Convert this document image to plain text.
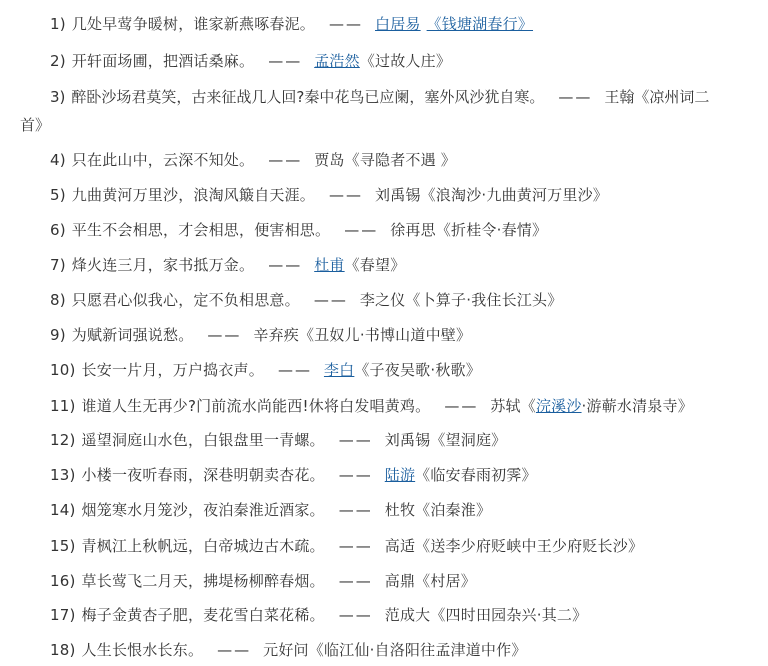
1) 几处早莺争暖树，谁家新燕啄春泥。 —— 白居易 《钱塘湖春行》
2) 开轩面场圃，把酒话桑麻。 —— 孟浩然《过故人庄》
3) 醉卧沙场君莫笑，古来征战几人回?秦中花鸟已应阑，塞外风沙犹自寒。 —— 王翰《凉州词二
首》
4) 只在此山中，云深不知处。 —— 贾岛《寻隐者不遇 》
5) 九曲黄河万里沙，浪淘风簸自天涯。 —— 刘禹锡《浪淘沙·九曲黄河万里沙》
6) 平生不会相思，才会相思，便害相思。 —— 徐再思《折桂令·春情》
7) 烽火连三月，家书抵万金。 —— 杜甫《春望》
8) 只愿君心似我心，定不负相思意。 —— 李之仪《卜算子·我住长江头》
9) 为赋新词强说愁。 —— 辛弃疾《丑奴儿·书博山道中壁》
10) 长安一片月，万户捣衣声。 —— 李白《子夜吴歌·秋歌》
11) 谁道人生无再少?门前流水尚能西!休将白发唱黄鸡。 —— 苏轼《浣溪沙·游蕲水清泉寺》
12) 遥望洞庭山水色，白银盘里一青螺。 —— 刘禹锡《望洞庭》
13) 小楼一夜听春雨，深巷明朝卖杏花。 —— 陆游《临安春雨初霁》
14) 烟笼寒水月笼沙，夜泊秦淮近酒家。 —— 杜牧《泊秦淮》
15) 青枫江上秋帆远，白帝城边古木疏。 —— 高适《送李少府贬峡中王少府贬长沙》
16) 草长莺飞二月天，拂堤杨柳醉春烟。 —— 高鼎《村居》
17) 梅子金黄杏子肥，麦花雪白菜花稀。 —— 范成大《四时田园杂兴·其二》
18) 人生长恨水长东。 —— 元好问《临江仙·自洛阳往孟津道中作》
